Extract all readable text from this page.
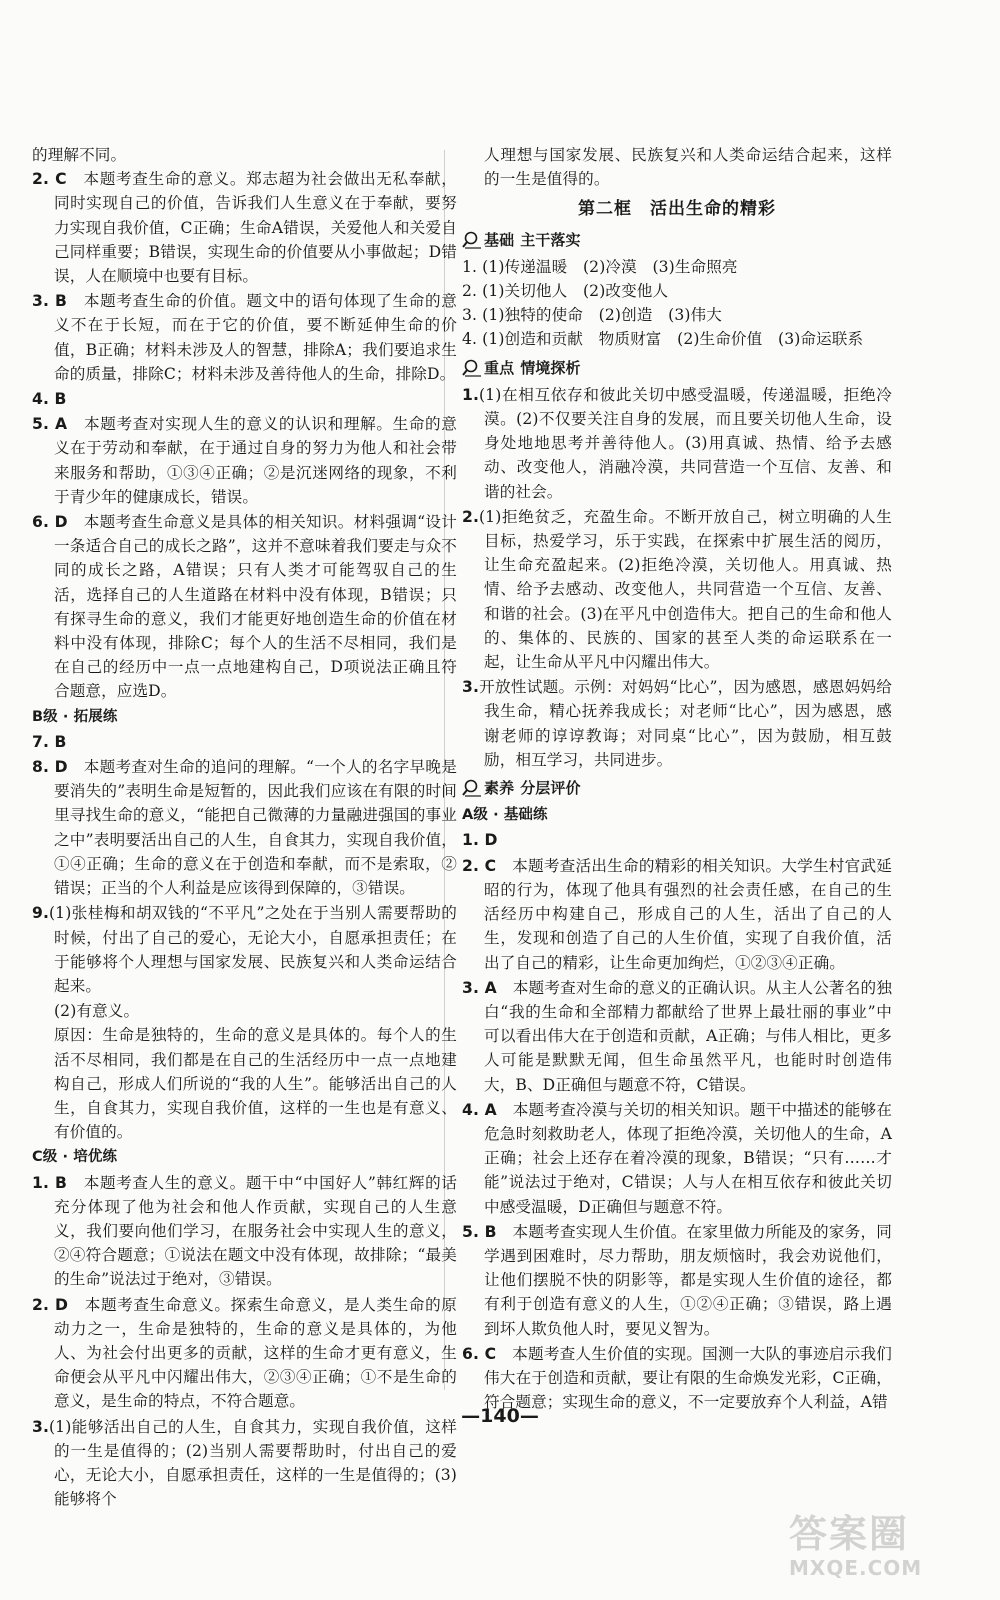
的理解不同。

2. C　 本题考查生命的意义。郑志超为社会做出无私奉献，同时实现自己的价值，告诉我们人生意义在于奉献，要努力实现自我价值，C正确；生命A错误，关爱他人和关爱自己同样重要；B错误，实现生命的价值要从小事做起；D错误，人在顺境中也要有目标。

3. B　 本题考查生命的价值。题文中的语句体现了生命的意义不在于长短，而在于它的价值，要不断延伸生命的价值，B正确；材料未涉及人的智慧，排除A；我们要追求生命的质量，排除C；材料未涉及善待他人的生命，排除D。

4. B

5. A　 本题考查对实现人生的意义的认识和理解。生命的意义在于劳动和奉献，在于通过自身的努力为他人和社会带来服务和帮助，①③④正确；②是沉迷网络的现象，不利于青少年的健康成长，错误。

6. D　 本题考查生命意义是具体的相关知识。材料强调“设计一条适合自己的成长之路”，这并不意味着我们要走与众不同的成长之路，A错误；只有人类才可能驾驭自己的生活，选择自己的人生道路在材料中没有体现，B错误；只有探寻生命的意义，我们才能更好地创造生命的价值在材料中没有体现，排除C；每个人的生活不尽相同，我们是在自己的经历中一点一点地建构自己，D项说法正确且符合题意，应选D。

B级 · 拓展练

7. B

8. D　 本题考查对生命的追问的理解。“一个人的名字早晚是要消失的”表明生命是短暂的，因此我们应该在有限的时间里寻找生命的意义，“能把自己微薄的力量融进强国的事业之中”表明要活出自己的人生，自食其力，实现自我价值，①④正确；生命的意义在于创造和奉献，而不是索取，②错误；正当的个人利益是应该得到保障的，③错误。

9.(1)张桂梅和胡双钱的“不平凡”之处在于当别人需要帮助的时候，付出了自己的爱心，无论大小，自愿承担责任；在于能够将个人理想与国家发展、民族复兴和人类命运结合起来。

(2)有意义。

原因：生命是独特的，生命的意义是具体的。每个人的生活不尽相同，我们都是在自己的生活经历中一点一点地建构自己，形成人们所说的“我的人生”。能够活出自己的人生，自食其力，实现自我价值，这样的一生也是有意义、有价值的。

C级 · 培优练

1. B　 本题考查人生的意义。题干中“中国好人”韩红辉的话充分体现了他为社会和他人作贡献，实现自己的人生意义，我们要向他们学习，在服务社会中实现人生的意义，②④符合题意；①说法在题文中没有体现，故排除；“最美的生命”说法过于绝对，③错误。

2. D　 本题考查生命意义。探索生命意义，是人类生命的原动力之一，生命是独特的，生命的意义是具体的，为他人、为社会付出更多的贡献，这样的生命才更有意义，生命便会从平凡中闪耀出伟大，②③④正确；①不是生命的意义，是生命的特点，不符合题意。

3.(1)能够活出自己的人生，自食其力，实现自我价值，这样的一生是值得的；(2)当别人需要帮助时，付出自己的爱心，无论大小，自愿承担责任，这样的一生是值得的；(3)能够将个

人理想与国家发展、民族复兴和人类命运结合起来，这样的一生是值得的。

第二框　活出生命的精彩

基础 主干落实

1. (1)传递温暖　(2)冷漠　(3)生命照亮

2. (1)关切他人　(2)改变他人

3. (1)独特的使命　(2)创造　(3)伟大

4. (1)创造和贡献　物质财富　(2)生命价值　(3)命运联系

重点 情境探析

1.(1)在相互依存和彼此关切中感受温暖，传递温暖，拒绝冷漠。(2)不仅要关注自身的发展，而且要关切他人生命，设身处地地思考并善待他人。(3)用真诚、热情、给予去感动、改变他人，消融冷漠，共同营造一个互信、友善、和谐的社会。

2.(1)拒绝贫乏，充盈生命。不断开放自己，树立明确的人生目标，热爱学习，乐于实践，在探索中扩展生活的阅历，让生命充盈起来。(2)拒绝冷漠，关切他人。用真诚、热情、给予去感动、改变他人，共同营造一个互信、友善、和谐的社会。(3)在平凡中创造伟大。把自己的生命和他人的、集体的、民族的、国家的甚至人类的命运联系在一起，让生命从平凡中闪耀出伟大。

3.开放性试题。示例：对妈妈“比心”，因为感恩，感恩妈妈给我生命，精心抚养我成长；对老师“比心”，因为感恩，感谢老师的谆谆教诲；对同桌“比心”，因为鼓励，相互鼓励，相互学习，共同进步。

素养 分层评价

A级 · 基础练

1. D

2. C　 本题考查活出生命的精彩的相关知识。大学生村官武延昭的行为，体现了他具有强烈的社会责任感，在自己的生活经历中构建自己，形成自己的人生，活出了自己的人生，发现和创造了自己的人生价值，实现了自我价值，活出了自己的精彩，让生命更加绚烂，①②③④正确。

3. A　 本题考查对生命的意义的正确认识。从主人公著名的独白“我的生命和全部精力都献给了世界上最壮丽的事业”中可以看出伟大在于创造和贡献，A正确；与伟人相比，更多人可能是默默无闻，但生命虽然平凡，也能时时创造伟大，B、D正确但与题意不符，C错误。

4. A　 本题考查冷漠与关切的相关知识。题干中描述的能够在危急时刻救助老人，体现了拒绝冷漠，关切他人的生命，A正确；社会上还存在着冷漠的现象，B错误；“只有……才能”说法过于绝对，C错误；人与人在相互依存和彼此关切中感受温暖，D正确但与题意不符。

5. B　 本题考查实现人生价值。在家里做力所能及的家务，同学遇到困难时，尽力帮助，朋友烦恼时，我会劝说他们，让他们摆脱不快的阴影等，都是实现人生价值的途径，都有利于创造有意义的人生，①②④正确；③错误，路上遇到坏人欺负他人时，要见义智为。

6. C　 本题考查人生价值的实现。国测一大队的事迹启示我们伟大在于创造和贡献，要让有限的生命焕发光彩，C正确，符合题意；实现生命的意义，不一定要放弃个人利益，A错

—140—
答案圈
MXQE.COM
